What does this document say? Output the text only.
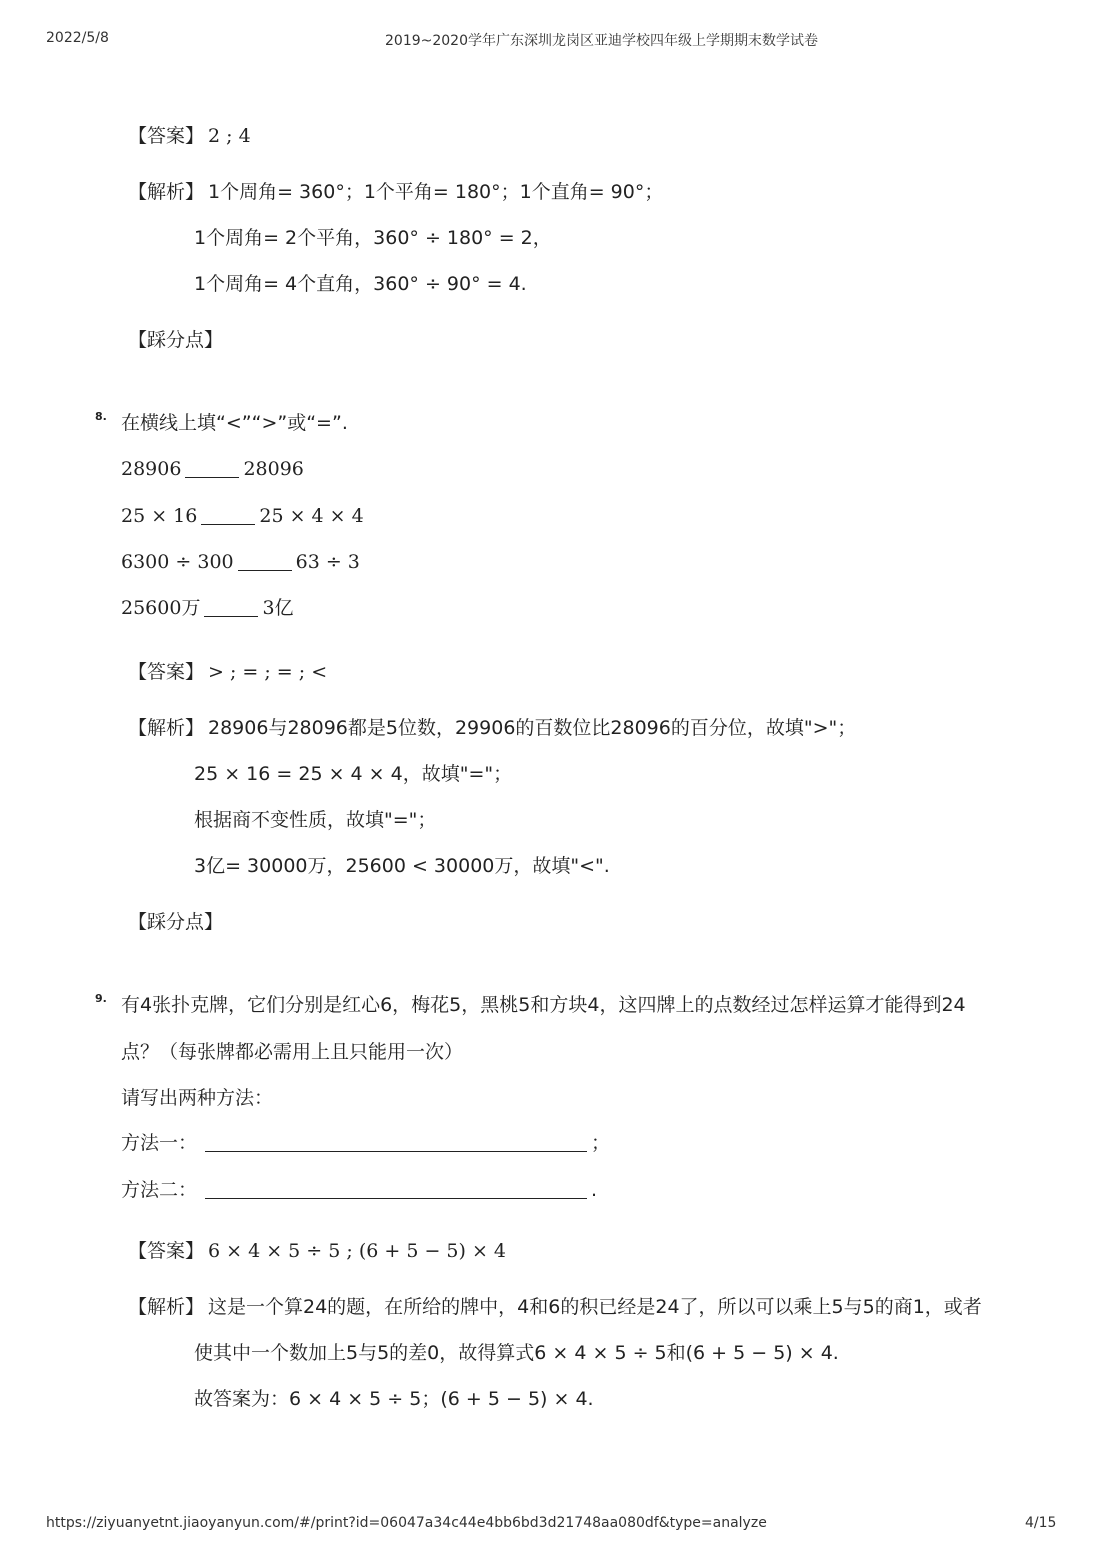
2022/5/8	2019~2020学年广东深圳龙岗区亚迪学校四年级上学期期末数学试卷
【答案】 2 ; 4
【解析】 1个周角= 360°；1个平角= 180°；1个直角= 90°；
1个周角= 2个平角，360° ÷ 180° = 2，
1个周角= 4个直角，360° ÷ 90° = 4.
【踩分点】
8. 在横线上填“<”“>”或“=”.
28906	28096
25 × 16	25 × 4 × 4
6300 ÷ 300	63 ÷ 3
25600万	3亿
【答案】 > ; = ; = ; <
【解析】 28906与28096都是5位数，29906的百数位比28096的百分位，故填">"；
25 × 16 = 25 × 4 × 4，故填"="；
根据商不变性质，故填"="；
3亿= 30000万，25600 < 30000万，故填"<".
【踩分点】
9. 有4张扑克牌，它们分别是红心6，梅花5，黑桃5和方块4，这四牌上的点数经过怎样运算才能得到24
点？（每张牌都必需用上且只能用一次）
请写出两种方法：
方法一：	；
方法二：	.
【答案】 6 × 4 × 5 ÷ 5 ; (6 + 5 − 5) × 4
【解析】 这是一个算24的题，在所给的牌中，4和6的积已经是24了，所以可以乘上5与5的商1，或者
使其中一个数加上5与5的差0，故得算式6 × 4 × 5 ÷ 5和(6 + 5 − 5) × 4.
故答案为：6 × 4 × 5 ÷ 5；(6 + 5 − 5) × 4.
https://ziyuanyetnt.jiaoyanyun.com/#/print?id=06047a34c44e4bb6bd3d21748aa080df&type=analyze	4/15
